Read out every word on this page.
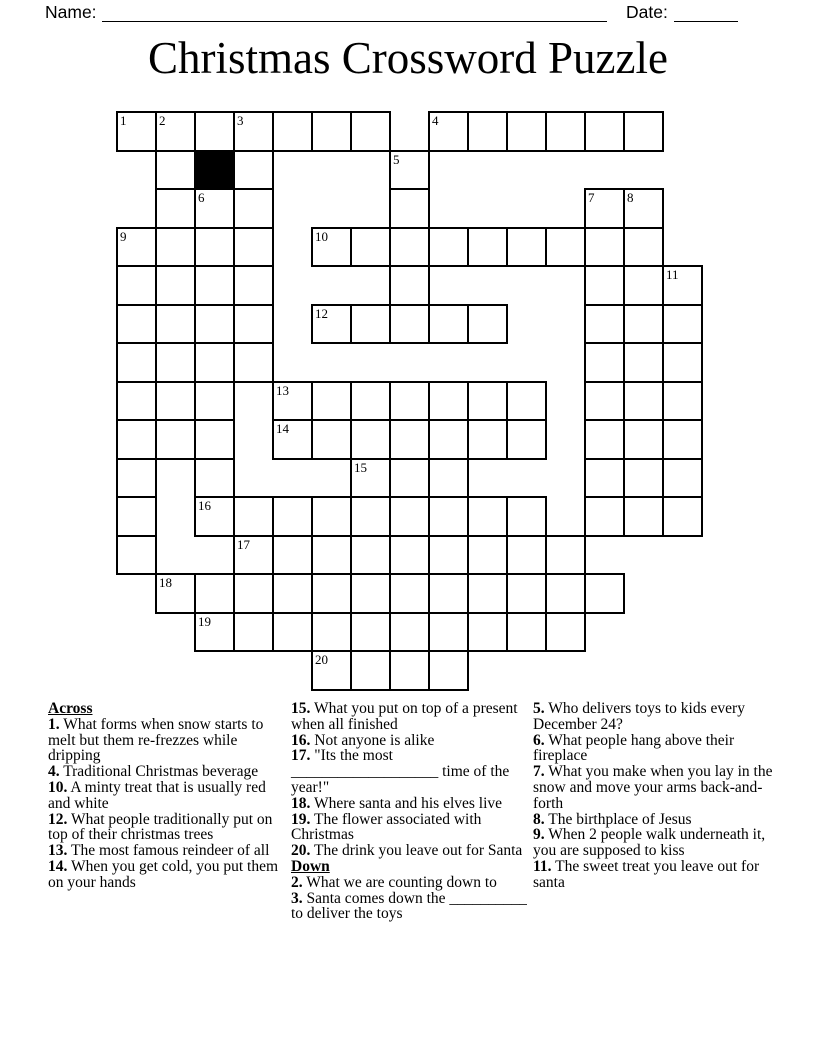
Name:	Date:
Christmas Crossword Puzzle
1	2	3	4
5
6	7	8
9	10
11
12
13
14
15
16
17
18
19
20
Across
1. What forms when snow starts to melt but them re-frezzes while dripping
4. Traditional Christmas beverage
10. A minty treat that is usually red and white
12. What people traditionally put on top of their christmas trees
13. The most famous reindeer of all
14. When you get cold, you put them on your hands
15. What you put on top of a present when all finished
16. Not anyone is alike
17. "Its the most ___________________ time of the year!"
18. Where santa and his elves live
19. The flower associated with Christmas
20. The drink you leave out for Santa
Down
2. What we are counting down to
3. Santa comes down the __________ to deliver the toys
5. Who delivers toys to kids every December 24?
6. What people hang above their fireplace
7. What you make when you lay in the snow and move your arms back-and-forth
8. The birthplace of Jesus
9. When 2 people walk underneath it, you are supposed to kiss
11. The sweet treat you leave out for santa
